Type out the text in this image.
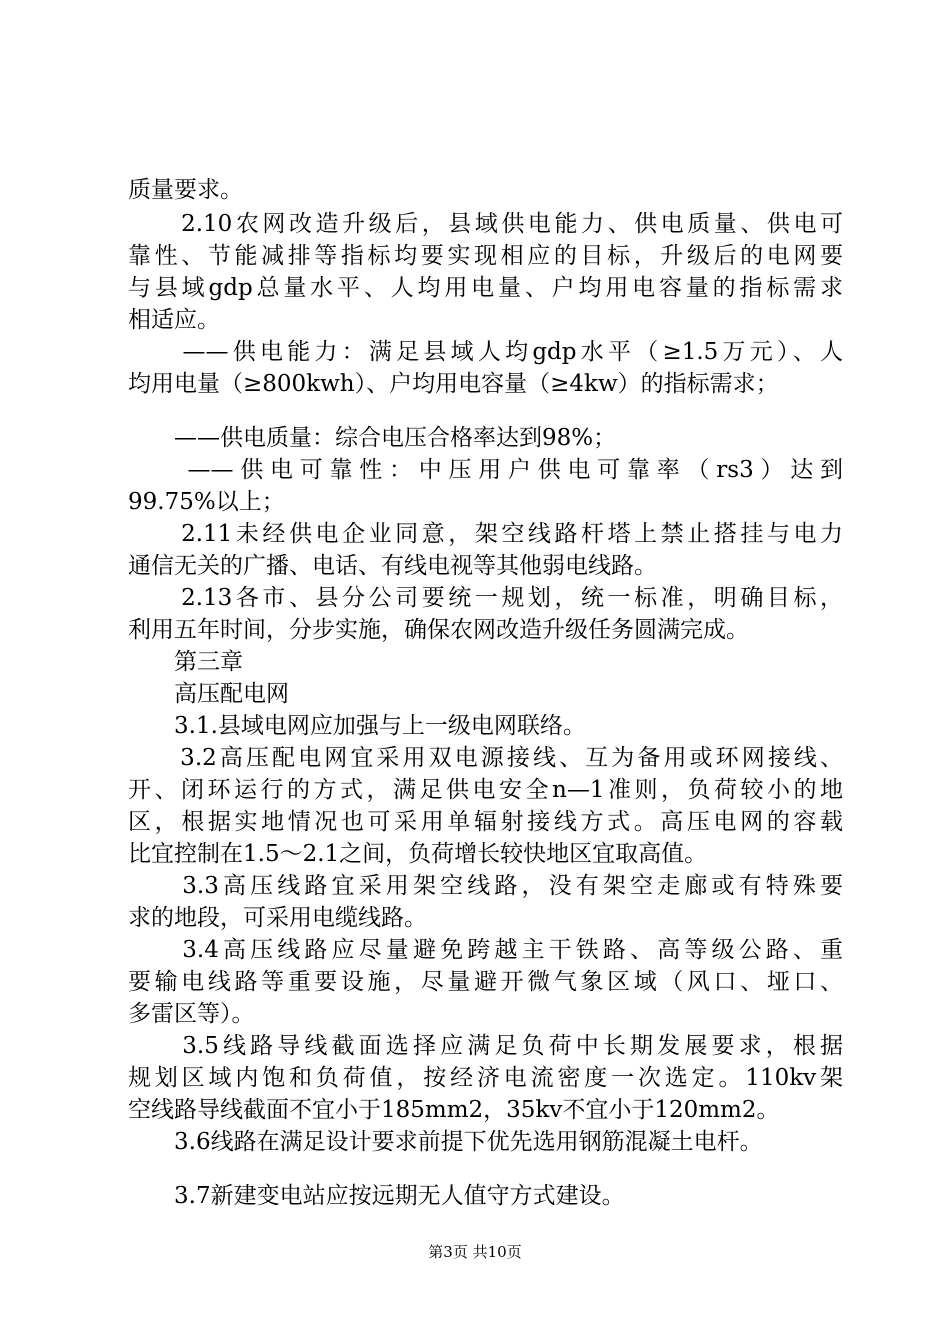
质量要求。
　　2.10农网改造升级后，县域供电能力、供电质量、供电可
靠性、节能减排等指标均要实现相应的目标，升级后的电网要
与县域gdp总量水平、人均用电量、户均用电容量的指标需求
相适应。
　　——供电能力：满足县域人均gdp水平（≥1.5万元）、人
均用电量（≥800kwh）、户均用电容量（≥4kw）的指标需求；
　　——供电质量：综合电压合格率达到98%；
　　——供电可靠性：中压用户供电可靠率（rs3）达到
99.75%以上；
　　2.11未经供电企业同意，架空线路杆塔上禁止搭挂与电力
通信无关的广播、电话、有线电视等其他弱电线路。
　　2.13各市、县分公司要统一规划，统一标准，明确目标，
利用五年时间，分步实施，确保农网改造升级任务圆满完成。
　　第三章
　　高压配电网
　　3.1.县域电网应加强与上一级电网联络。
　　3.2高压配电网宜采用双电源接线、互为备用或环网接线、
开、闭环运行的方式，满足供电安全n—1准则，负荷较小的地
区，根据实地情况也可采用单辐射接线方式。高压电网的容载
比宜控制在1.5～2.1之间，负荷增长较快地区宜取高值。
　　3.3高压线路宜采用架空线路，没有架空走廊或有特殊要
求的地段，可采用电缆线路。
　　3.4高压线路应尽量避免跨越主干铁路、高等级公路、重
要输电线路等重要设施，尽量避开微气象区域（风口、垭口、
多雷区等）。
　　3.5线路导线截面选择应满足负荷中长期发展要求，根据
规划区域内饱和负荷值，按经济电流密度一次选定。110kv架
空线路导线截面不宜小于185mm2，35kv不宜小于120mm2。
　　3.6线路在满足设计要求前提下优先选用钢筋混凝土电杆。
　　3.7新建变电站应按远期无人值守方式建设。
第3页 共10页
